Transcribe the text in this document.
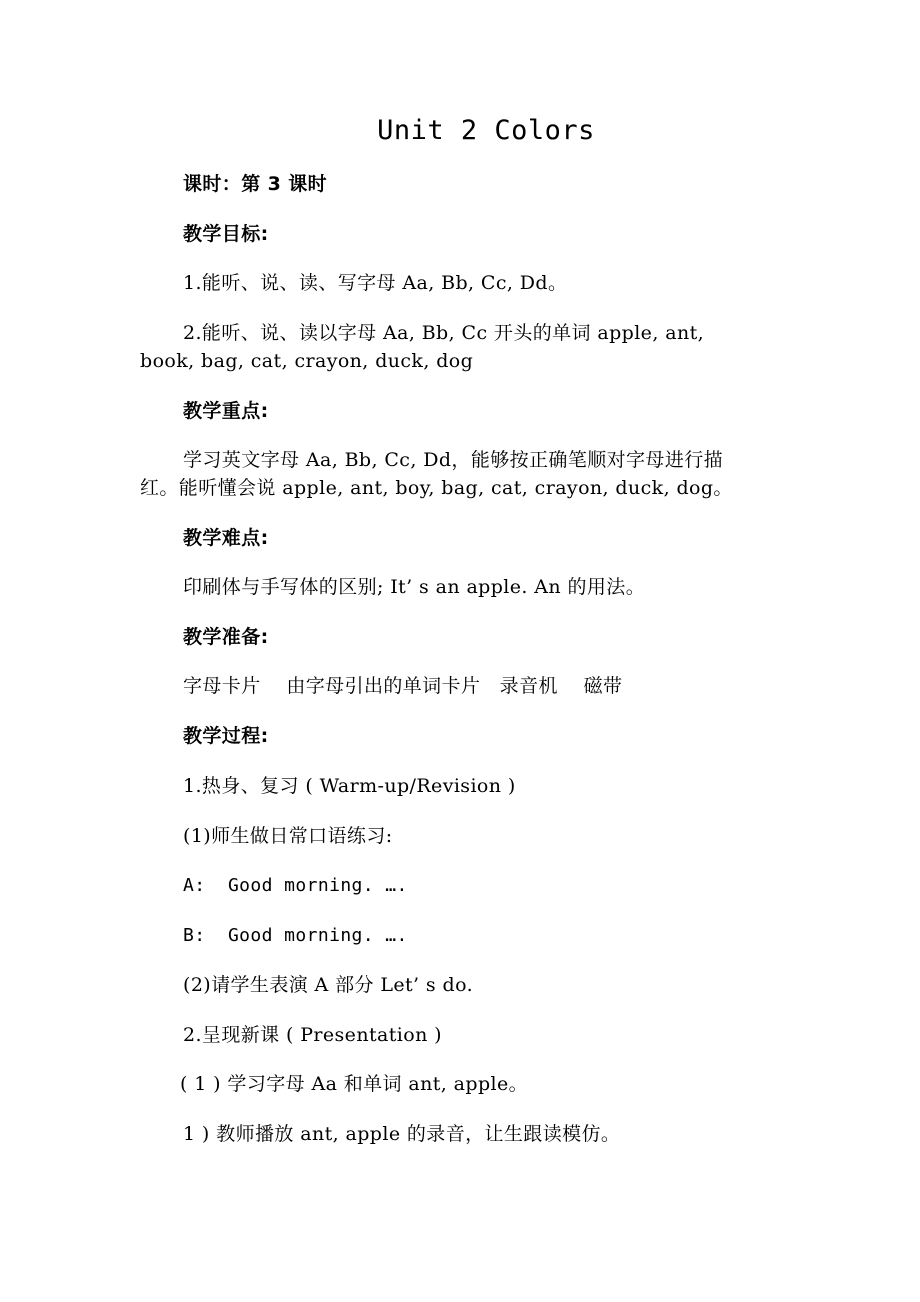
Unit 2 Colors
课时：第 3 课时
教学目标:
1.能听、说、读、写字母 Aa, Bb, Cc, Dd。
2.能听、说、读以字母 Aa, Bb, Cc 开头的单词 apple, ant,
book, bag, cat, crayon, duck, dog
教学重点:
学习英文字母 Aa, Bb, Cc, Dd，能够按正确笔顺对字母进行描
红。能听懂会说 apple, ant, boy, bag, cat, crayon, duck, dog。
教学难点:
印刷体与手写体的区别; It’ s an apple. An 的用法。
教学准备:
字母卡片    由字母引出的单词卡片   录音机    磁带
教学过程:
1.热身、复习 ( Warm-up/Revision )
(1)师生做日常口语练习:
A:  Good morning. ….
B:  Good morning. ….
(2)请学生表演 A 部分 Let’ s do.
2.呈现新课 ( Presentation )
( 1 ) 学习字母 Aa 和单词 ant, apple。
1 ) 教师播放 ant, apple 的录音，让生跟读模仿。
